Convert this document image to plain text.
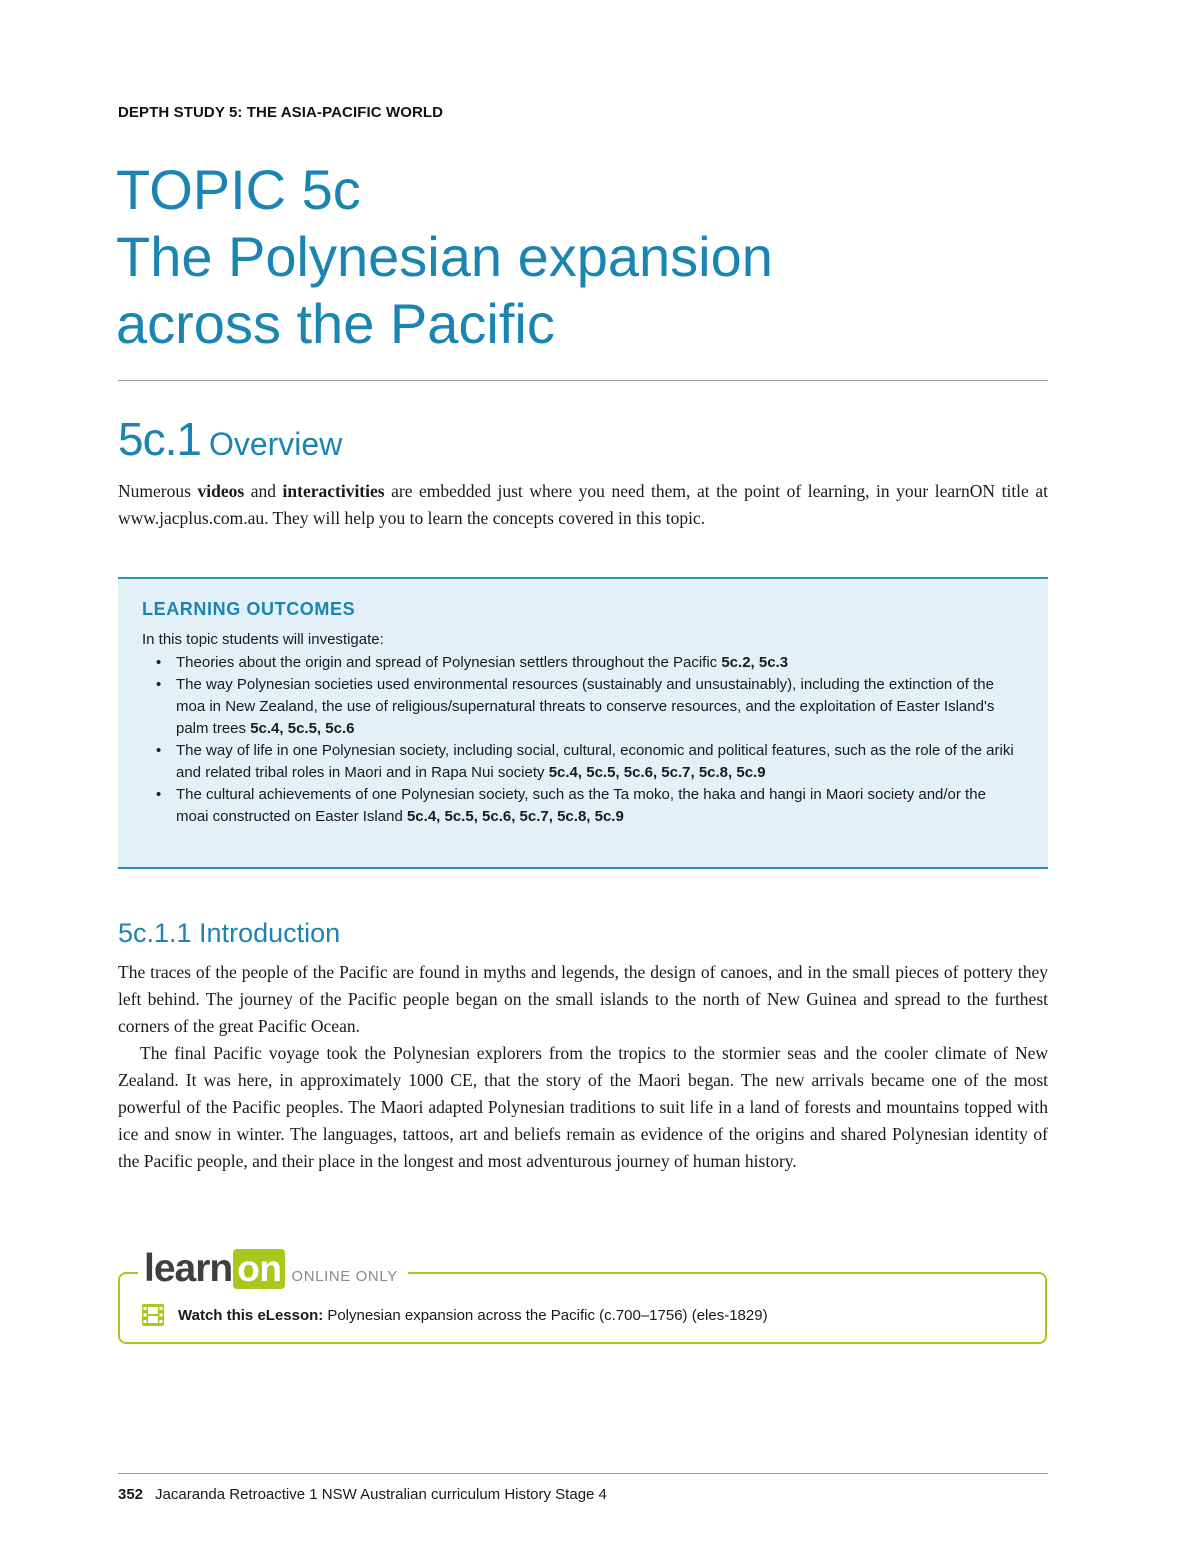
DEPTH STUDY 5: THE ASIA-PACIFIC WORLD
TOPIC 5c
The Polynesian expansion
across the Pacific
5c.1 Overview

Numerous videos and interactivities are embedded just where you need them, at the point of learning, in your learnON title at www.jacplus.com.au. They will help you to learn the concepts covered in this topic.

LEARNING OUTCOMES
In this topic students will investigate:
• Theories about the origin and spread of Polynesian settlers throughout the Pacific 5c.2, 5c.3
• The way Polynesian societies used environmental resources (sustainably and unsustainably), including the extinction of the moa in New Zealand, the use of religious/supernatural threats to conserve resources, and the exploitation of Easter Island's palm trees 5c.4, 5c.5, 5c.6
• The way of life in one Polynesian society, including social, cultural, economic and political features, such as the role of the ariki and related tribal roles in Maori and in Rapa Nui society 5c.4, 5c.5, 5c.6, 5c.7, 5c.8, 5c.9
• The cultural achievements of one Polynesian society, such as the Ta moko, the haka and hangi in Maori society and/or the moai constructed on Easter Island 5c.4, 5c.5, 5c.6, 5c.7, 5c.8, 5c.9
5c.1.1 Introduction

The traces of the people of the Pacific are found in myths and legends, the design of canoes, and in the small pieces of pottery they left behind. The journey of the Pacific people began on the small islands to the north of New Guinea and spread to the furthest corners of the great Pacific Ocean.

The final Pacific voyage took the Polynesian explorers from the tropics to the stormier seas and the cooler climate of New Zealand. It was here, in approximately 1000 CE, that the story of the Maori began. The new arrivals became one of the most powerful of the Pacific peoples. The Maori adapted Polynesian traditions to suit life in a land of forests and mountains topped with ice and snow in winter. The languages, tattoos, art and beliefs remain as evidence of the origins and shared Polynesian identity of the Pacific people, and their place in the longest and most adventurous journey of human history.

learn on ONLINE ONLY
Watch this eLesson: Polynesian expansion across the Pacific (c.700–1756) (eles-1829)
352 Jacaranda Retroactive 1 NSW Australian curriculum History Stage 4
